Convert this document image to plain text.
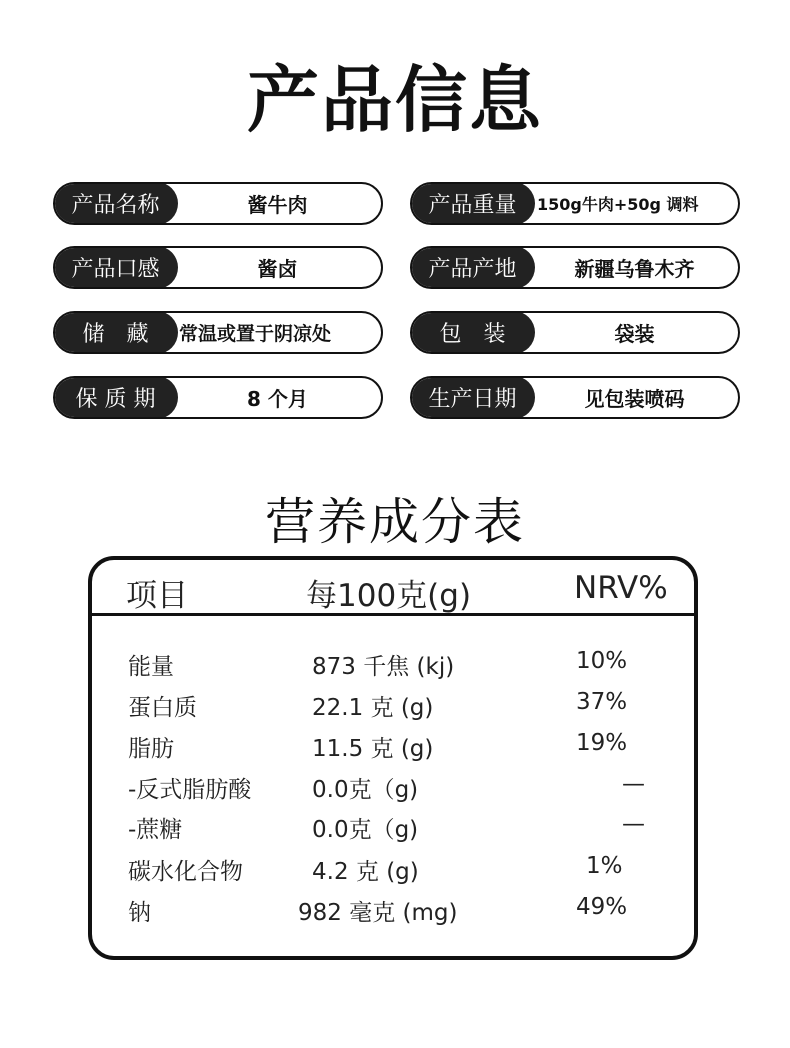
产品信息
产品名称	酱牛肉	产品重量	150g牛肉+50g 调料
产品口感	酱卤	产品产地	新疆乌鲁木齐
储　藏	常温或置于阴凉处	包　装	袋装
保 质 期	8 个月	生产日期	见包装喷码
营养成分表
项目	每100克(g)	NRV%
能量	873 千焦 (kj)	10%
蛋白质	22.1 克 (g)	37%
脂肪	11.5 克 (g)	19%
-反式脂肪酸	0.0克（g)	—
-蔗糖	0.0克（g)	—
碳水化合物	4.2 克 (g)	1%
钠	982 毫克 (mg)	49%
